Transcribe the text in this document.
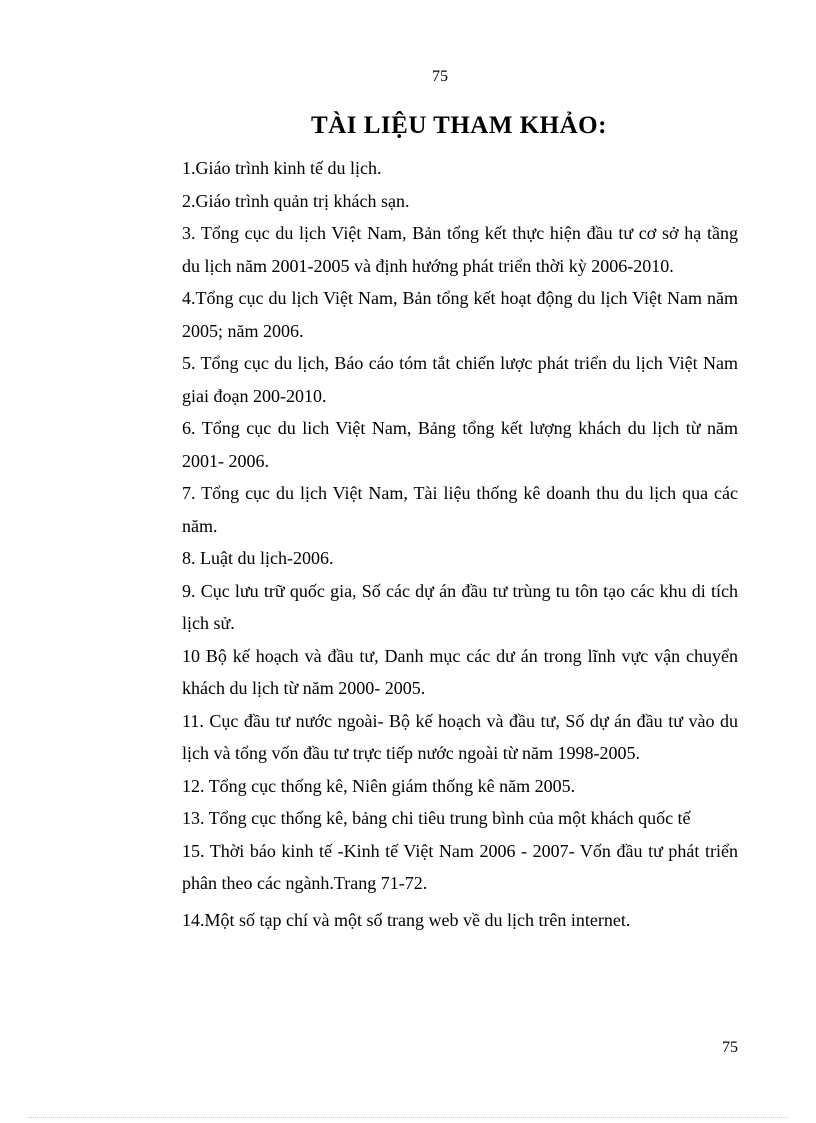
75
TÀI LIỆU THAM KHẢO:
1.Giáo trình kinh tế du lịch.
2.Giáo trình quản trị khách sạn.
3. Tổng cục du lịch Việt Nam, Bản tổng kết thực hiện đầu tư cơ sở hạ tầng du lịch năm 2001-2005 và định hướng phát triển thời kỳ 2006-2010.
4.Tổng cục du lịch Việt Nam, Bản tổng kết hoạt động du lịch Việt Nam năm 2005; năm 2006.
5. Tổng cục du lịch, Báo cáo tóm tắt chiến lược phát triển du lịch Việt Nam giai đoạn 200-2010.
6. Tổng cục du lich Việt Nam, Bảng tổng kết lượng khách du lịch từ năm 2001- 2006.
7. Tổng cục du lịch Việt Nam, Tài liệu thống kê doanh thu du lịch qua các năm.
8. Luật du lịch-2006.
9. Cục lưu trữ quốc gia, Số các dự án đầu tư trùng tu tôn tạo các khu di tích lịch sử.
10 Bộ kế hoạch và đầu tư, Danh mục các dư án trong lĩnh vực vận chuyển khách du lịch từ năm 2000- 2005.
11. Cục đầu tư nước ngoài- Bộ kế hoạch và đầu tư, Số dự án đầu tư vào du lịch và tổng vốn đầu tư trực tiếp nước ngoài từ năm 1998-2005.
12. Tổng cục thống kê, Niên giám thống kê năm 2005.
13. Tổng cục thống kê, bảng chi tiêu trung bình của một khách quốc tế
15. Thời báo kinh tế -Kinh tế Việt Nam 2006 - 2007- Vốn đầu tư phát triển phân theo các ngành.Trang 71-72.
14.Một số tạp chí và một số trang web về du lịch trên internet.
75
